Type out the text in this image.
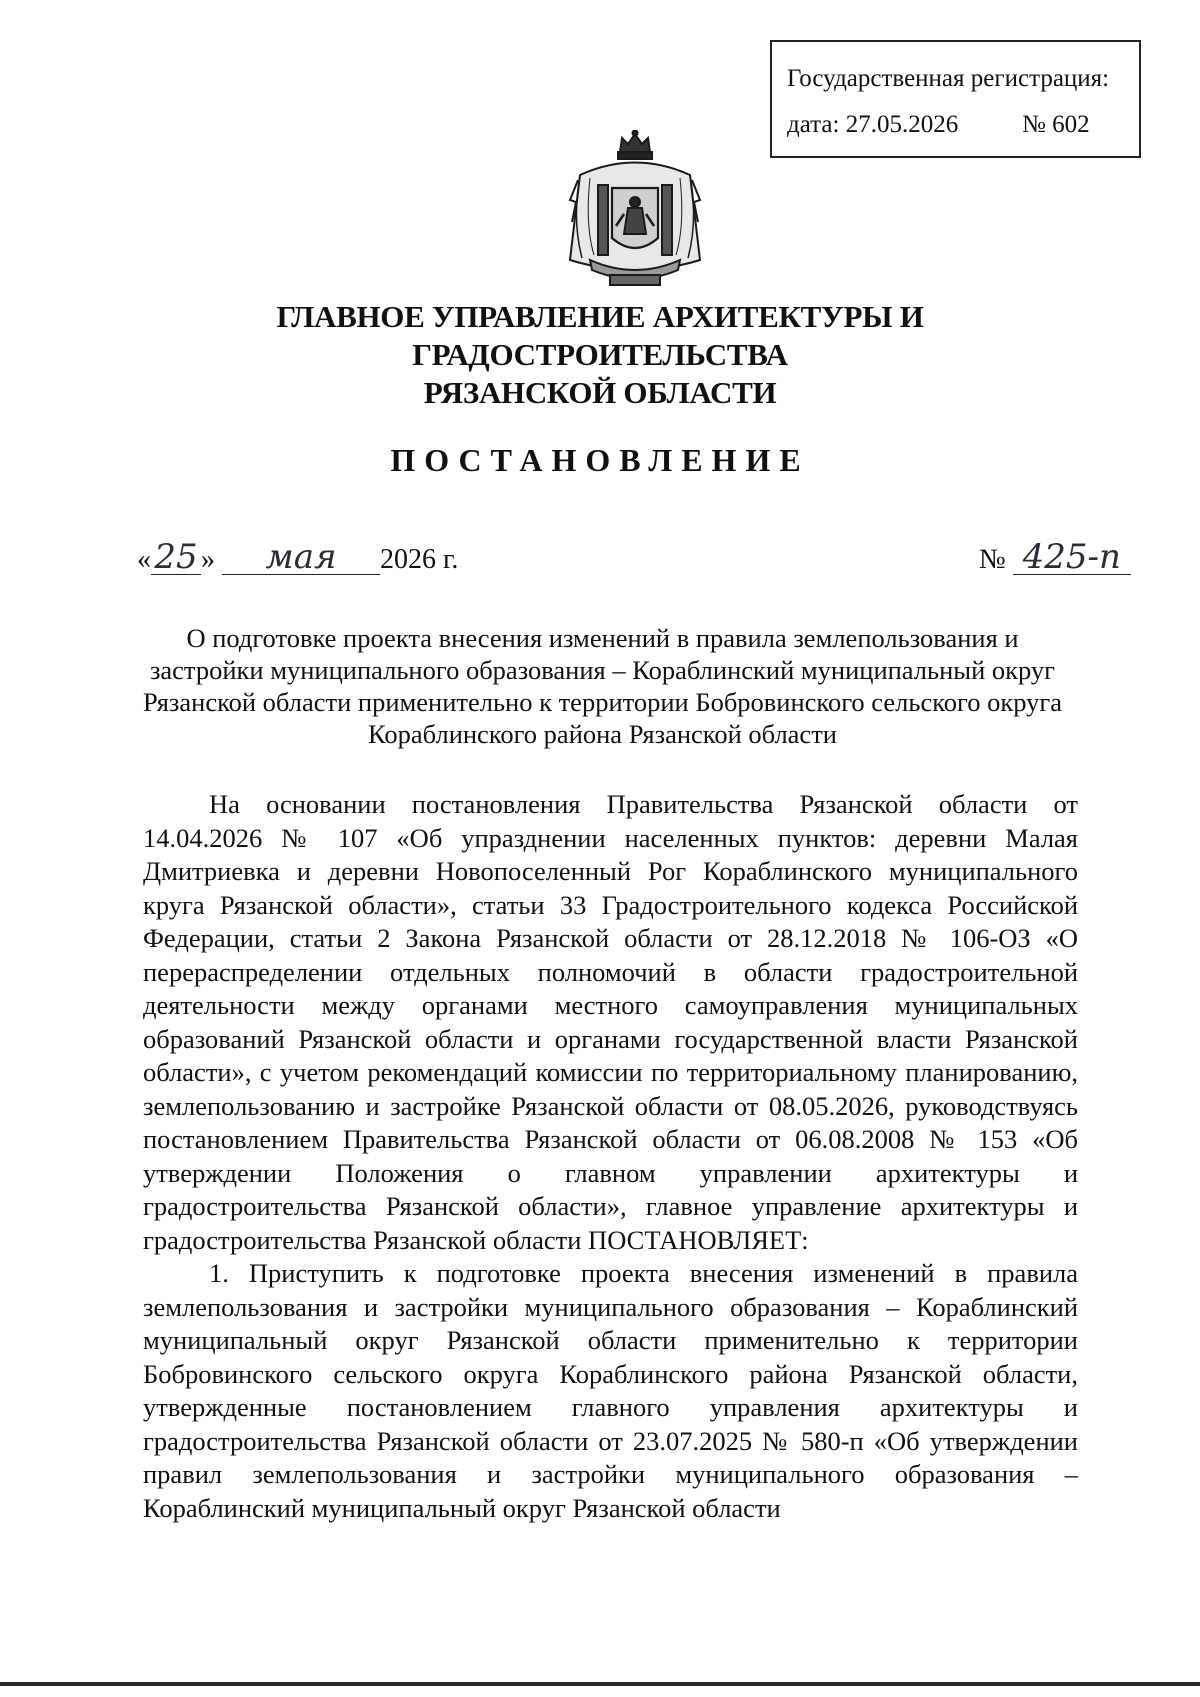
Государственная регистрация:
дата: 27.05.2026	№ 602
ГЛАВНОЕ УПРАВЛЕНИЕ АРХИТЕКТУРЫ И ГРАДОСТРОИТЕЛЬСТВА
РЯЗАНСКОЙ ОБЛАСТИ
ПОСТАНОВЛЕНИЕ
«25 » мая 2026 г.	№ 425-п
О подготовке проекта внесения изменений в правила землепользования и застройки муниципального образования – Кораблинский муниципальный округ Рязанской области применительно к территории Бобровинского сельского округа Кораблинского района Рязанской области

На основании постановления Правительства Рязанской области от 14.04.2026 № 107 «Об упразднении населенных пунктов: деревни Малая Дмитриевка и деревни Новопоселенный Рог Кораблинского муниципального круга Рязанской области», статьи 33 Градостроительного кодекса Российской Федерации, статьи 2 Закона Рязанской области от 28.12.2018 № 106-ОЗ «О перераспределении отдельных полномочий в области градостроительной деятельности между органами местного самоуправления муниципальных образований Рязанской области и органами государственной власти Рязанской области», с учетом рекомендаций комиссии по территориальному планированию, землепользованию и застройке Рязанской области от 08.05.2026, руководствуясь постановлением Правительства Рязанской области от 06.08.2008 № 153 «Об утверждении Положения о главном управлении архитектуры и градостроительства Рязанской области», главное управление архитектуры и градостроительства Рязанской области ПОСТАНОВЛЯЕТ:

1. Приступить к подготовке проекта внесения изменений в правила землепользования и застройки муниципального образования – Кораблинский муниципальный округ Рязанской области применительно к территории Бобровинского сельского округа Кораблинского района Рязанской области, утвержденные постановлением главного управления архитектуры и градостроительства Рязанской области от 23.07.2025 № 580-п «Об утверждении правил землепользования и застройки муниципального образования – Кораблинский муниципальный округ Рязанской области
